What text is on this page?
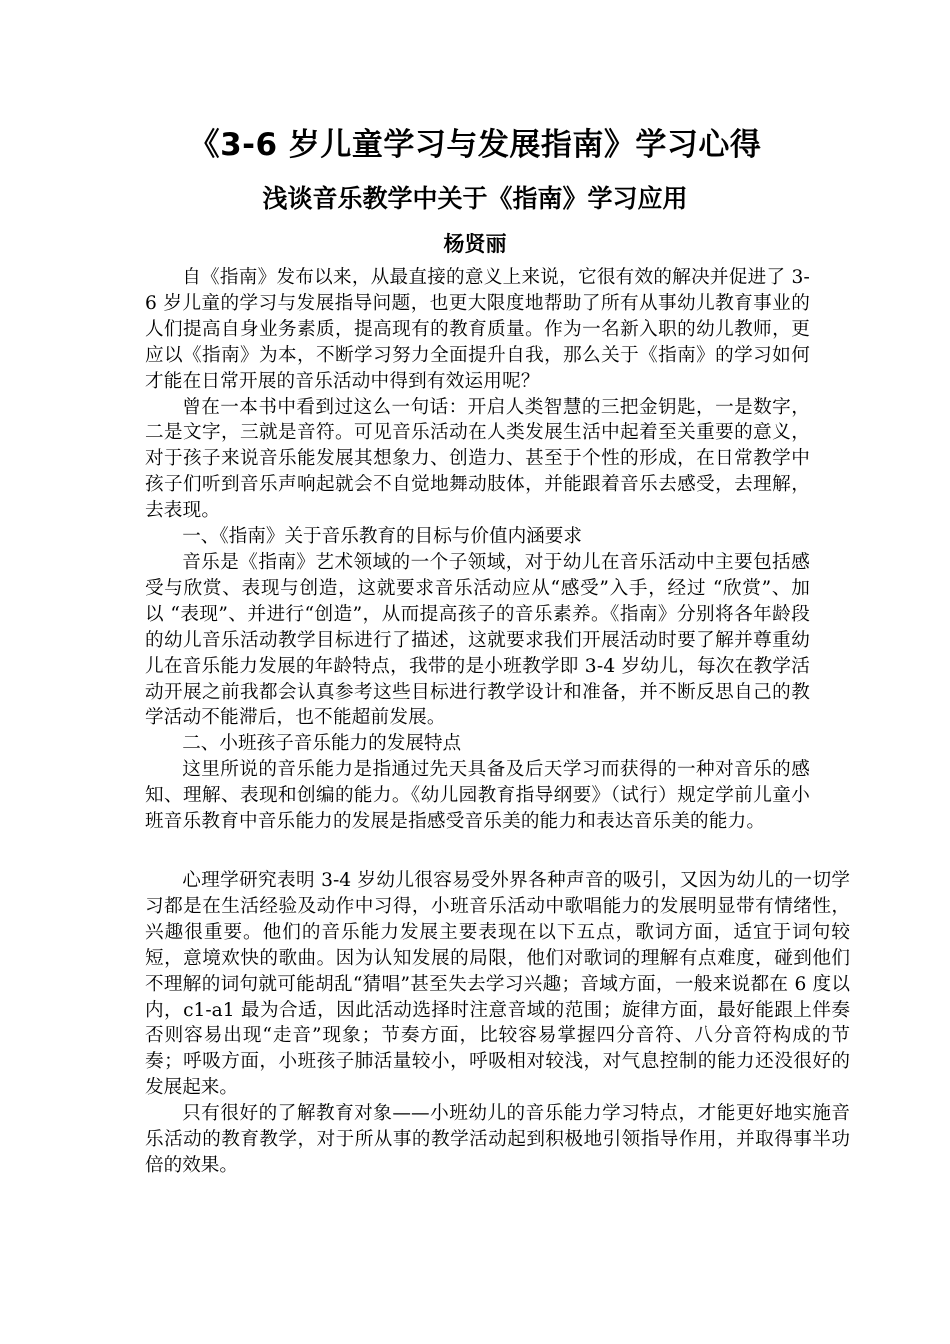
《3-6 岁儿童学习与发展指南》学习心得
浅谈音乐教学中关于《指南》学习应用
杨贤丽

自《指南》发布以来，从最直接的意义上来说，它很有效的解决并促进了 3-6 岁儿童的学习与发展指导问题，也更大限度地帮助了所有从事幼儿教育事业的人们提高自身业务素质，提高现有的教育质量。作为一名新入职的幼儿教师，更应以《指南》为本，不断学习努力全面提升自我，那么关于《指南》的学习如何才能在日常开展的音乐活动中得到有效运用呢？

曾在一本书中看到过这么一句话：开启人类智慧的三把金钥匙，一是数字，二是文字，三就是音符。可见音乐活动在人类发展生活中起着至关重要的意义，对于孩子来说音乐能发展其想象力、创造力、甚至于个性的形成，在日常教学中孩子们听到音乐声响起就会不自觉地舞动肢体，并能跟着音乐去感受，去理解，去表现。

一、《指南》关于音乐教育的目标与价值内涵要求

音乐是《指南》艺术领域的一个子领域，对于幼儿在音乐活动中主要包括感受与欣赏、表现与创造，这就要求音乐活动应从“感受”入手，经过 “欣赏”、加以 “表现”、并进行“创造”，从而提高孩子的音乐素养。《指南》分别将各年龄段的幼儿音乐活动教学目标进行了描述，这就要求我们开展活动时要了解并尊重幼儿在音乐能力发展的年龄特点，我带的是小班教学即 3-4 岁幼儿，每次在教学活动开展之前我都会认真参考这些目标进行教学设计和准备，并不断反思自己的教学活动不能滞后，也不能超前发展。

二、小班孩子音乐能力的发展特点

这里所说的音乐能力是指通过先天具备及后天学习而获得的一种对音乐的感知、理解、表现和创编的能力。《幼儿园教育指导纲要》（试行）规定学前儿童小班音乐教育中音乐能力的发展是指感受音乐美的能力和表达音乐美的能力。

心理学研究表明 3-4 岁幼儿很容易受外界各种声音的吸引，又因为幼儿的一切学习都是在生活经验及动作中习得，小班音乐活动中歌唱能力的发展明显带有情绪性，兴趣很重要。他们的音乐能力发展主要表现在以下五点，歌词方面，适宜于词句较短，意境欢快的歌曲。因为认知发展的局限，他们对歌词的理解有点难度，碰到他们不理解的词句就可能胡乱“猜唱”甚至失去学习兴趣；音域方面，一般来说都在 6 度以内，c1-a1 最为合适，因此活动选择时注意音域的范围；旋律方面，最好能跟上伴奏否则容易出现“走音”现象；节奏方面，比较容易掌握四分音符、八分音符构成的节奏；呼吸方面，小班孩子肺活量较小，呼吸相对较浅，对气息控制的能力还没很好的发展起来。

只有很好的了解教育对象——小班幼儿的音乐能力学习特点，才能更好地实施音乐活动的教育教学，对于所从事的教学活动起到积极地引领指导作用，并取得事半功倍的效果。
